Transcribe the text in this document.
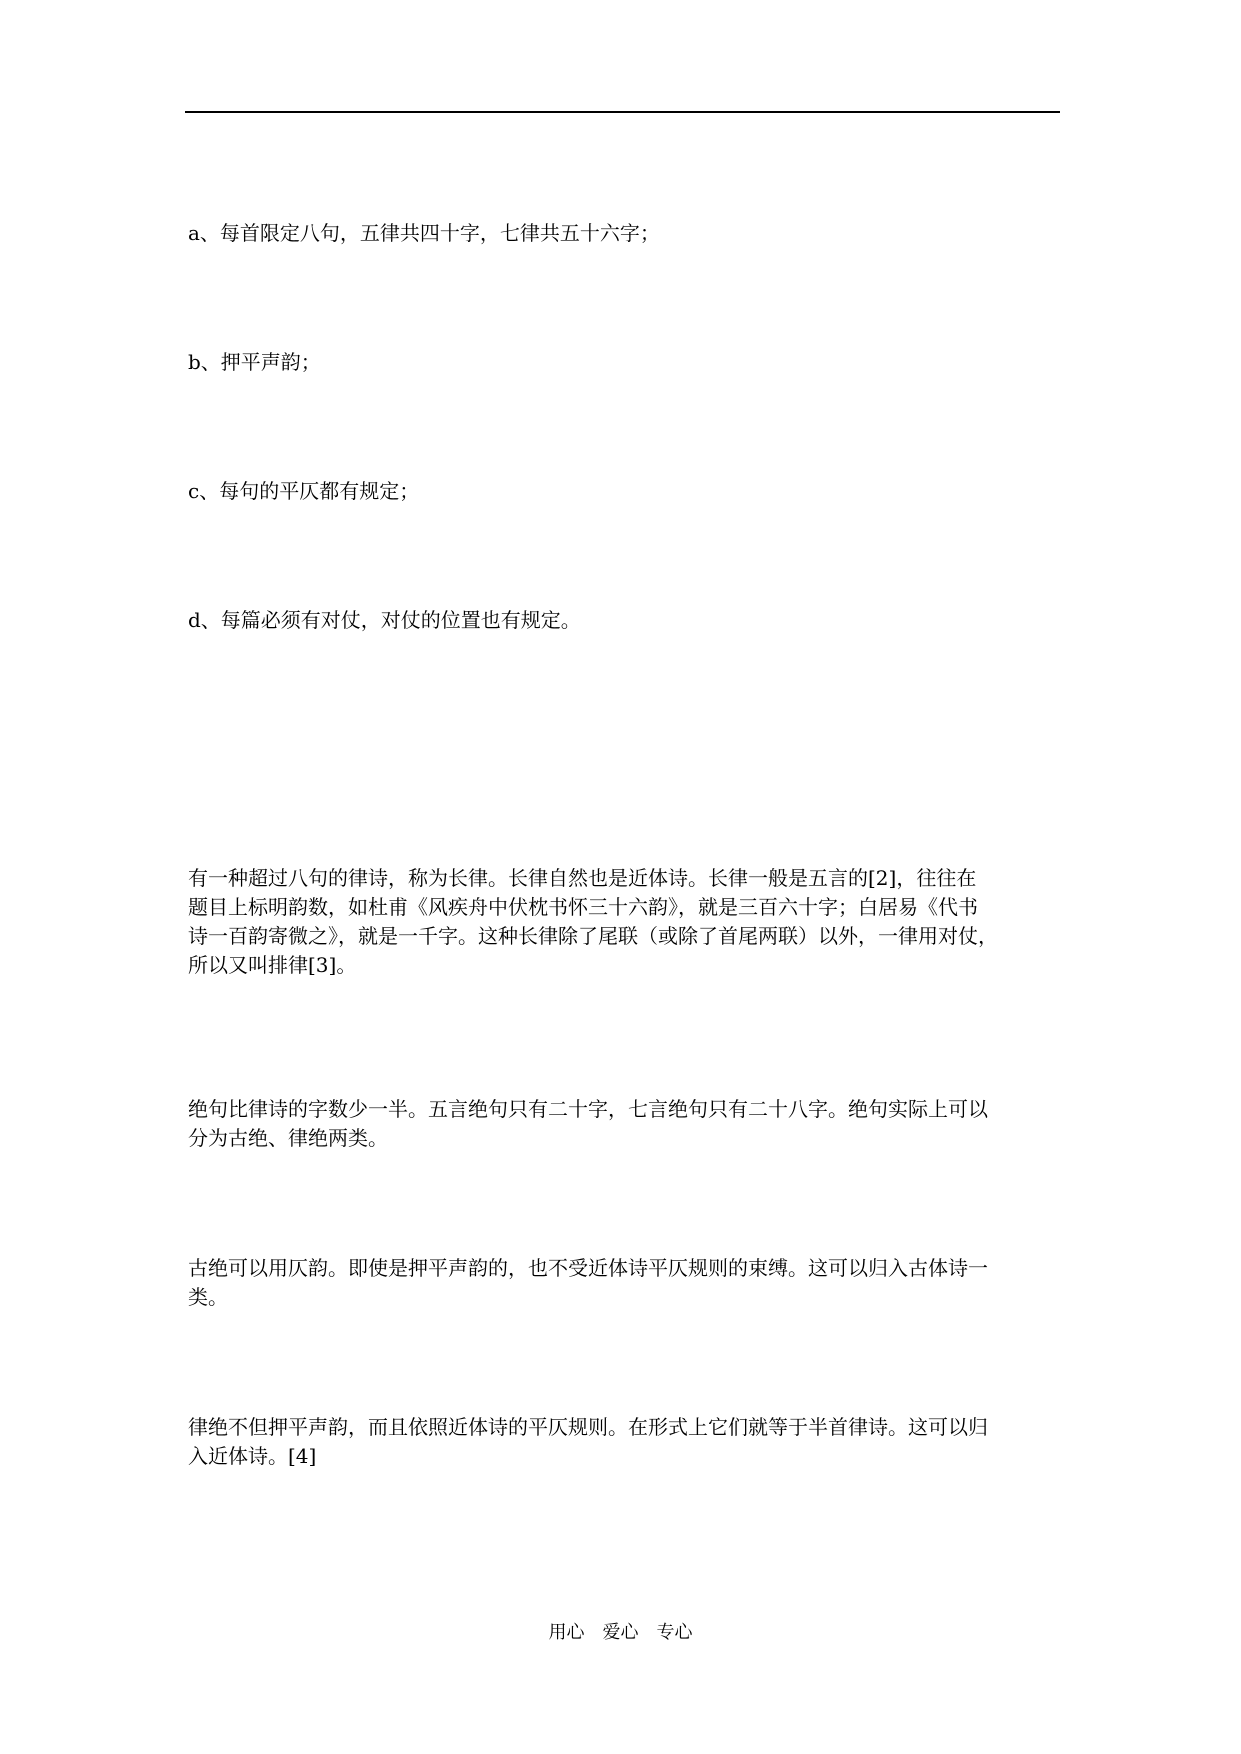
a、每首限定八句，五律共四十字，七律共五十六字；

b、押平声韵；

c、每句的平仄都有规定；

d、每篇必须有对仗，对仗的位置也有规定。

有一种超过八句的律诗，称为长律。长律自然也是近体诗。长律一般是五言的[2]，往往在
题目上标明韵数，如杜甫《风疾舟中伏枕书怀三十六韵》，就是三百六十字；白居易《代书
诗一百韵寄微之》，就是一千字。这种长律除了尾联（或除了首尾两联）以外，一律用对仗，
所以又叫排律[3]。
绝句比律诗的字数少一半。五言绝句只有二十字，七言绝句只有二十八字。绝句实际上可以
分为古绝、律绝两类。
古绝可以用仄韵。即使是押平声韵的，也不受近体诗平仄规则的束缚。这可以归入古体诗一
类。
律绝不但押平声韵，而且依照近体诗的平仄规则。在形式上它们就等于半首律诗。这可以归
入近体诗。[4]
用心　爱心　专心
